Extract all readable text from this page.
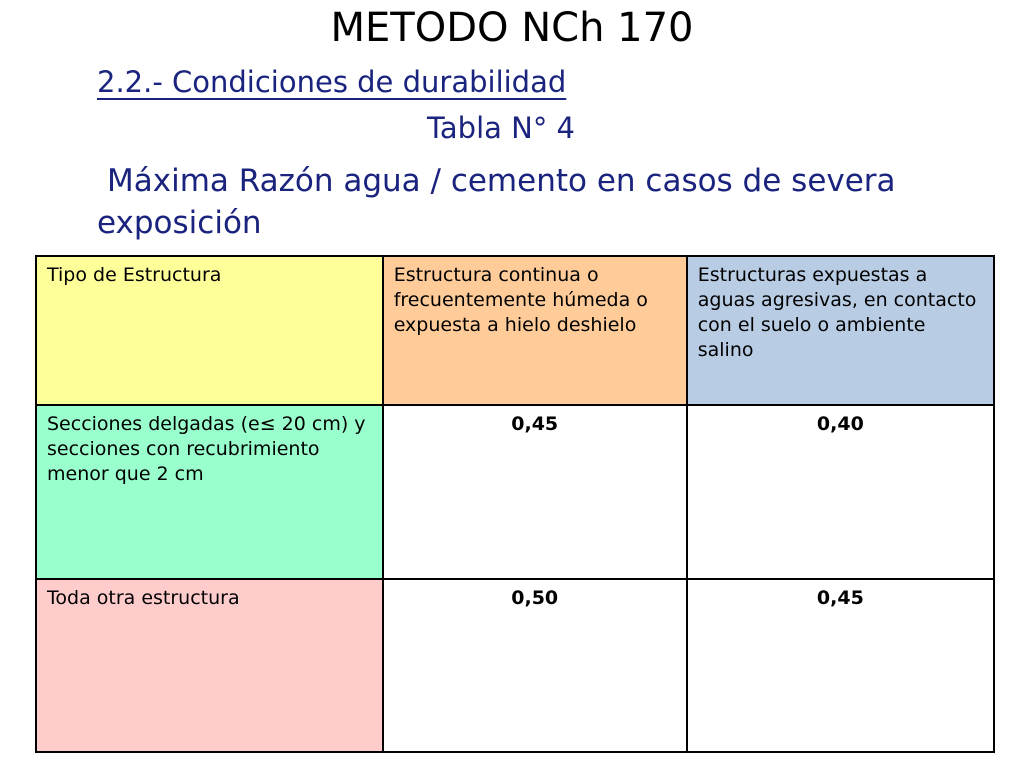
METODO NCh 170
2.2.- Condiciones de durabilidad
Tabla N° 4
Máxima Razón agua / cemento en casos de severa exposición
Tipo de Estructura	Estructura continua o frecuentemente húmeda o expuesta a hielo deshielo	Estructuras expuestas a aguas agresivas, en contacto con el suelo o ambiente salino
Secciones delgadas (e≤ 20 cm) y secciones con recubrimiento menor que 2 cm	0,45	0,40
Toda otra estructura	0,50	0,45
